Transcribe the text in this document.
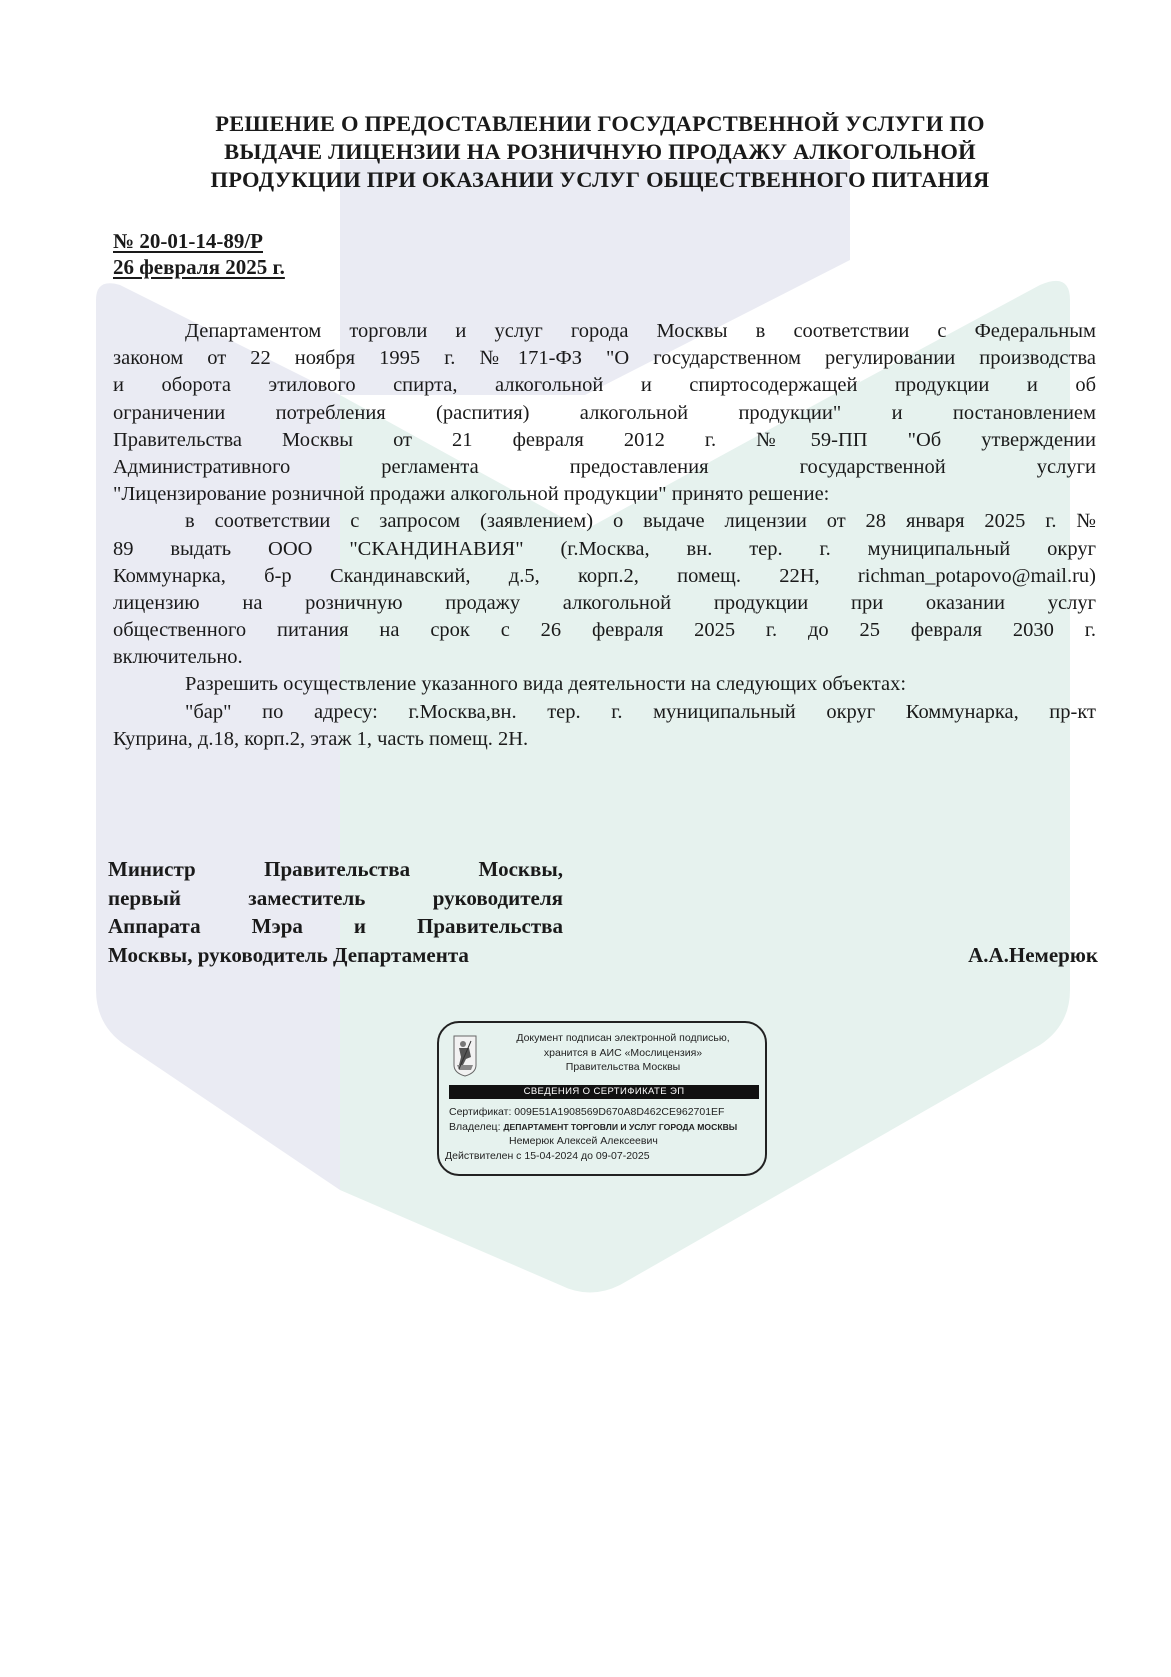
РЕШЕНИЕ О ПРЕДОСТАВЛЕНИИ ГОСУДАРСТВЕННОЙ УСЛУГИ ПО
ВЫДАЧЕ ЛИЦЕНЗИИ НА РОЗНИЧНУЮ ПРОДАЖУ АЛКОГОЛЬНОЙ
ПРОДУКЦИИ ПРИ ОКАЗАНИИ УСЛУГ ОБЩЕСТВЕННОГО ПИТАНИЯ
№ 20-01-14-89/Р
26 февраля 2025 г.
Департаментом торговли и услуг города Москвы в соответствии с Федеральным
законом от 22 ноября 1995 г. №171-ФЗ "О государственном регулировании производства
и оборота этилового спирта, алкогольной и спиртосодержащей продукции и об
ограничении потребления (распития) алкогольной продукции" и постановлением
Правительства Москвы от 21 февраля 2012 г. №59-ПП "Об утверждении
Административного регламента предоставления государственной услуги
"Лицензирование розничной продажи алкогольной продукции" принято решение:
в соответствии с запросом (заявлением) о выдаче лицензии от 28 января 2025 г. №
89 выдать ООО "СКАНДИНАВИЯ" (г.Москва, вн. тер. г. муниципальный округ
Коммунарка, б-р Скандинавский, д.5, корп.2, помещ. 22Н, richman_potapovo@mail.ru)
лицензию на розничную продажу алкогольной продукции при оказании услуг
общественного питания на срок с 26 февраля 2025 г. до 25 февраля 2030 г.
включительно.
Разрешить осуществление указанного вида деятельности на следующих объектах:
"бар" по адресу: г.Москва,вн. тер. г. муниципальный округ Коммунарка, пр-кт
Куприна, д.18, корп.2, этаж 1, часть помещ. 2Н.
Министр Правительства Москвы,
первый заместитель руководителя
Аппарата Мэра и Правительства
Москвы, руководитель Департамента	А.А.Немерюк
Документ подписан электронной подписью,
хранится в АИС «Мослицензия»
Правительства Москвы
СВЕДЕНИЯ О СЕРТИФИКАТЕ ЭП
Сертификат: 009E51A1908569D670A8D462CE962701EF
Владелец: ДЕПАРТАМЕНТ ТОРГОВЛИ И УСЛУГ ГОРОДА МОСКВЫ
Немерюк Алексей Алексеевич
Действителен с 15-04-2024 до 09-07-2025
